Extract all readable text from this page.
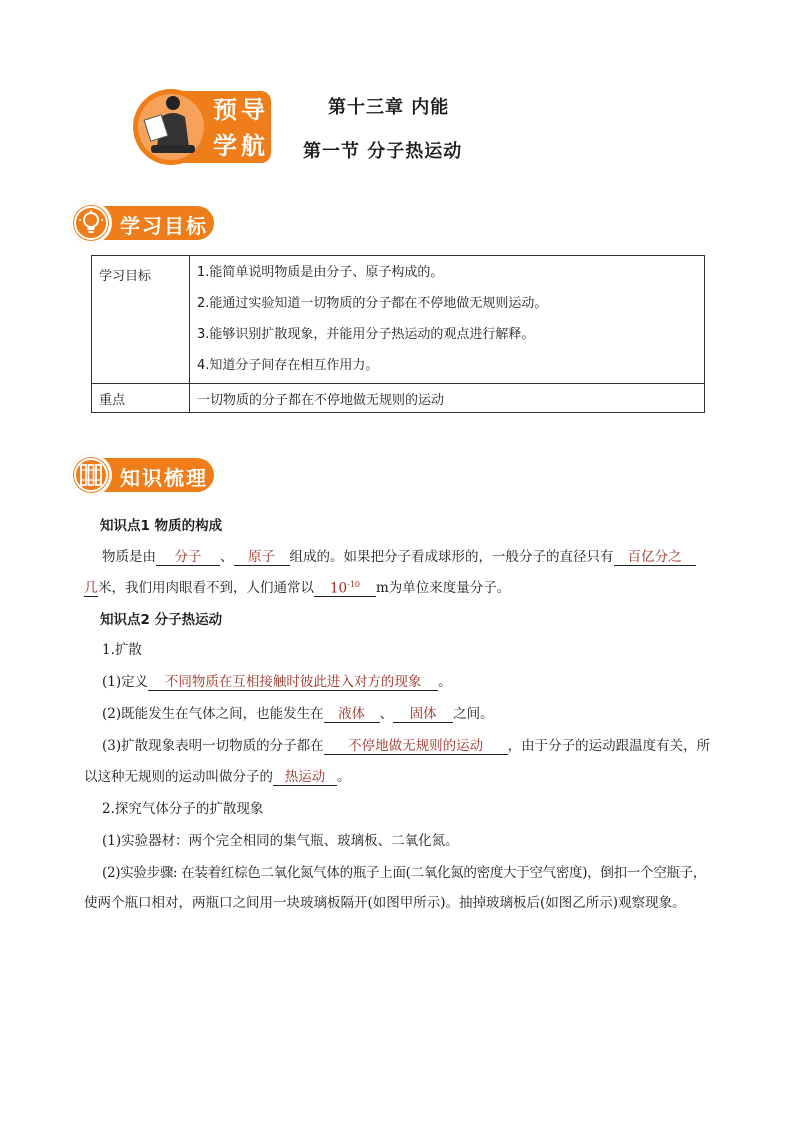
预导
学航
第十三章 内能
第一节 分子热运动
学习目标
学习目标	1.能简单说明物质是由分子、原子构成的。
2.能通过实验知道一切物质的分子都在不停地做无规则运动。
3.能够识别扩散现象，并能用分子热运动的观点进行解释。
4.知道分子间存在相互作用力。

重点	一切物质的分子都在不停地做无规则的运动
知识梳理
知识点1 物质的构成
物质是由 分子 、 原子 组成的。如果把分子看成球形的，一般分子的直径只有 百亿分之
几米，我们用肉眼看不到，人们通常以 $10^{-10}$ m为单位来度量分子。
知识点2 分子热运动
1.扩散
(1)定义 不同物质在互相接触时彼此进入对方的现象 。
(2)既能发生在气体之间，也能发生在 液体 、 固体 之间。
(3)扩散现象表明一切物质的分子都在 不停地做无规则的运动 ，由于分子的运动跟温度有关，所
以这种无规则的运动叫做分子的 热运动 。
2.探究气体分子的扩散现象
(1)实验器材：两个完全相同的集气瓶、玻璃板、二氧化氮。
(2)实验步骤: 在装着红棕色二氧化氮气体的瓶子上面(二氧化氮的密度大于空气密度)，倒扣一个空瓶子，
使两个瓶口相对，两瓶口之间用一块玻璃板隔开(如图甲所示)。抽掉玻璃板后(如图乙所示)观察现象。
